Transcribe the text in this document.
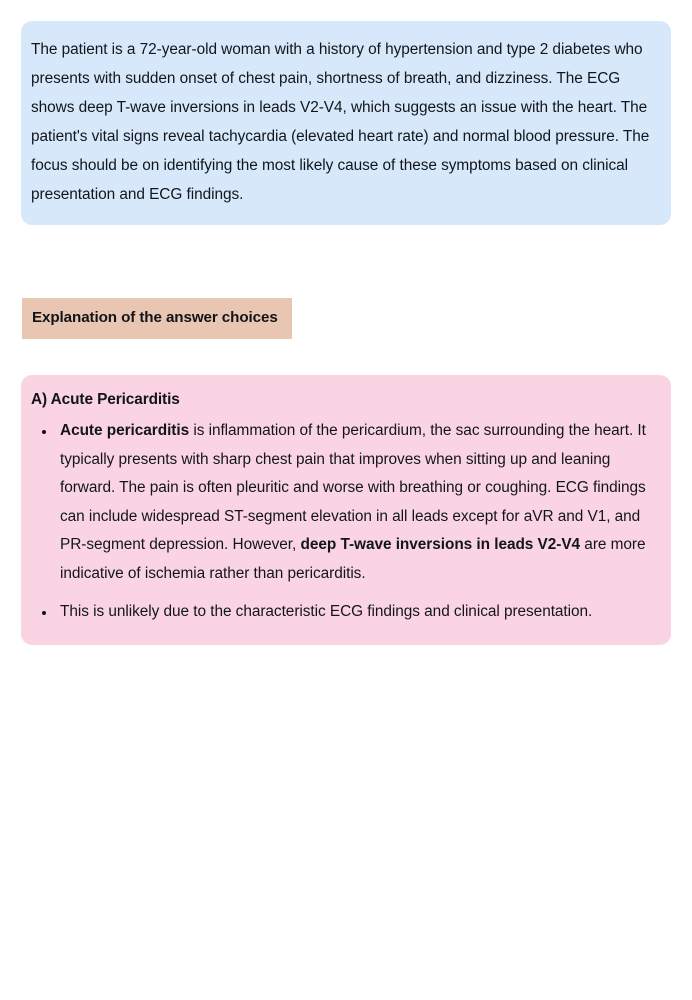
The patient is a 72-year-old woman with a history of hypertension and type 2 diabetes who presents with sudden onset of chest pain, shortness of breath, and dizziness. The ECG shows deep T-wave inversions in leads V2-V4, which suggests an issue with the heart. The patient's vital signs reveal tachycardia (elevated heart rate) and normal blood pressure. The focus should be on identifying the most likely cause of these symptoms based on clinical presentation and ECG findings.

Explanation of the answer choices

A) Acute Pericarditis
Acute pericarditis is inflammation of the pericardium, the sac surrounding the heart. It typically presents with sharp chest pain that improves when sitting up and leaning forward. The pain is often pleuritic and worse with breathing or coughing. ECG findings can include widespread ST-segment elevation in all leads except for aVR and V1, and PR-segment depression. However, deep T-wave inversions in leads V2-V4 are more indicative of ischemia rather than pericarditis.
This is unlikely due to the characteristic ECG findings and clinical presentation.
